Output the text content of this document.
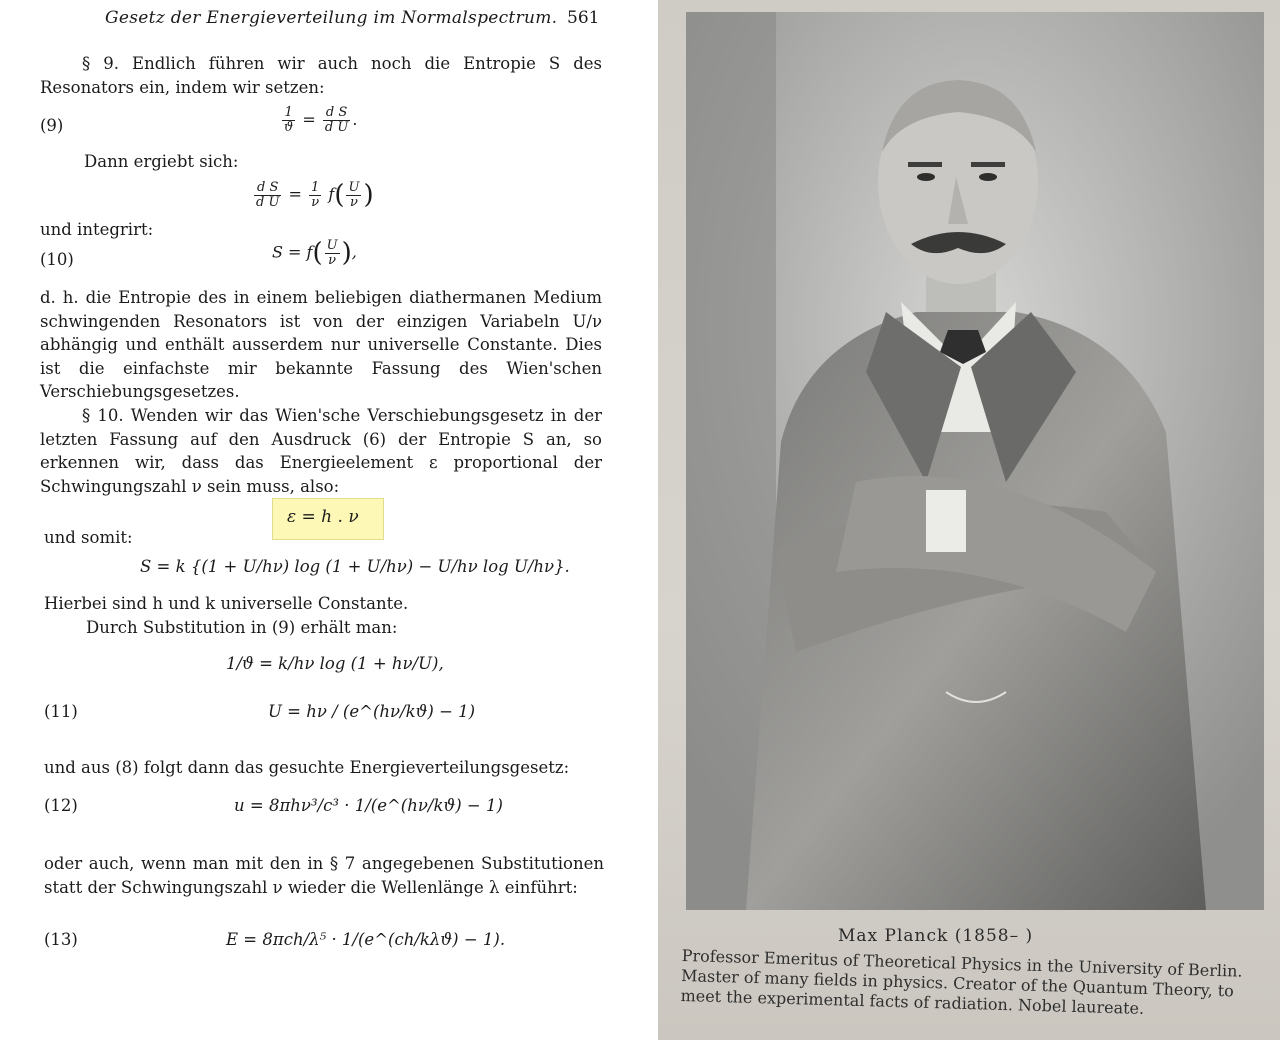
Gesetz der Energieverteilung im Normalspectrum. 561
§ 9. Endlich führen wir auch noch die Entropie S des Resonators ein, indem wir setzen:
(9)	$\frac{1}{ϑ} = \frac{\text{d S}}{\text{d U}}$ .
Dann ergiebt sich:
$\frac{\text{d S}}{\text{d U}} = \frac{1}{\nu} f( \frac{U}{\nu}$ )
und integrirt:
(10)	$S = f( \frac{U}{\nu}$ ),
d. h. die Entropie des in einem beliebigen diathermanen Medium schwingenden Resonators ist von der einzigen Variabeln U/ν abhängig und enthält ausserdem nur universelle Constante. Dies ist die einfachste mir bekannte Fassung des Wien'schen Verschiebungsgesetzes.
§ 10. Wenden wir das Wien'sche Verschiebungsgesetz in der letzten Fassung auf den Ausdruck (6) der Entropie S an, so erkennen wir, dass das Energieelement ε proportional der Schwingungszahl ν sein muss, also:
ε = h . ν
und somit:
S = k {(1 + U/hν) log (1 + U/hν) − U/hν log U/hν}.
Hierbei sind h und k universelle Constante.
Durch Substitution in (9) erhält man:
1/ϑ = k/hν log (1 + hν/U),
(11)	U = hν / (e^(hν/kϑ) − 1)
und aus (8) folgt dann das gesuchte Energieverteilungsgesetz:
(12)	u = 8πhν³/c³ · 1/(e^(hν/kϑ) − 1)
oder auch, wenn man mit den in § 7 angegebenen Substitutionen statt der Schwingungszahl ν wieder die Wellenlänge λ einführt:
(13)	E = 8πch/λ⁵ · 1/(e^(ch/kλϑ) − 1).	Max Planck (1858– )
Professor Emeritus of Theoretical Physics in the University of Berlin. Master of many fields in physics. Creator of the Quantum Theory, to meet the experimental facts of radiation. Nobel laureate.
